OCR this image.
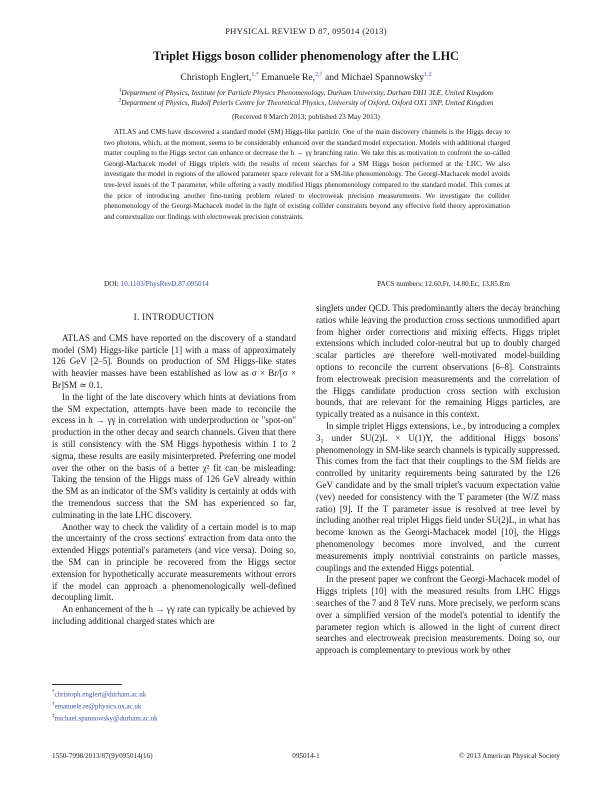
PHYSICAL REVIEW D 87, 095014 (2013)
Triplet Higgs boson collider phenomenology after the LHC
Christoph Englert,$^{1,*}$ Emanuele Re,$^{2,\dagger}$ and Michael Spannowsky$^{1,\ddagger}$
$^1$Department of Physics, Institute for Particle Physics Phenomenology, Durham University, Durham DH1 3LE, United Kingdom
$^2$Department of Physics, Rudolf Peierls Centre for Theoretical Physics, University of Oxford, Oxford OX1 3NP, United Kingdom
(Received 8 March 2013; published 23 May 2013)
ATLAS and CMS have discovered a standard model (SM) Higgs-like particle. One of the main discovery channels is the Higgs decay to two photons, which, at the moment, seems to be considerably enhanced over the standard model expectation. Models with additional charged matter coupling to the Higgs sector can enhance or decrease the h → γγ branching ratio. We take this as motivation to confront the so-called Georgi-Machacek model of Higgs triplets with the results of recent searches for a SM Higgs boson performed at the LHC. We also investigate the model in regions of the allowed parameter space relevant for a SM-like phenomenology. The Georgi-Machacek model avoids tree-level issues of the T parameter, while offering a vastly modified Higgs phenomenology compared to the standard model. This comes at the price of introducing another fine-tuning problem related to electroweak precision measurements. We investigate the collider phenomenology of the Georgi-Machacek model in the light of existing collider constraints beyond any effective field theory approximation and contextualize our findings with electroweak precision constraints.
DOI: 10.1103/PhysRevD.87.095014	PACS numbers: 12.60.Fr, 14.80.Ec, 13.85.Rm
I. INTRODUCTION

ATLAS and CMS have reported on the discovery of a standard model (SM) Higgs-like particle [1] with a mass of approximately 126 GeV [2–5]. Bounds on production of SM Higgs-like states with heavier masses have been established as low as σ × Br/[σ × Br]SM ≃ 0.1.

In the light of the late discovery which hints at deviations from the SM expectation, attempts have been made to reconcile the excess in h → γγ in correlation with underproduction or "spot-on" production in the other decay and search channels. Given that there is still consistency with the SM Higgs hypothesis within 1 to 2 sigma, these results are easily misinterpreted. Preferring one model over the other on the basis of a better χ² fit can be misleading: Taking the tension of the Higgs mass of 126 GeV already within the SM as an indicator of the SM's validity is certainly at odds with the tremendous success that the SM has experienced so far, culminating in the late LHC discovery.

Another way to check the validity of a certain model is to map the uncertainty of the cross sections' extraction from data onto the extended Higgs potential's parameters (and vice versa). Doing so, the SM can in principle be recovered from the Higgs sector extension for hypothetically accurate measurements without errors if the model can approach a phenomenologically well-defined decoupling limit.

An enhancement of the h → γγ rate can typically be achieved by including additional charged states which are

singlets under QCD. This predominantly alters the decay branching ratios while leaving the production cross sections unmodified apart from higher order corrections and mixing effects. Higgs triplet extensions which included color-neutral but up to doubly charged scalar particles are therefore well-motivated model-building options to reconcile the current observations [6–8]. Constraints from electroweak precision measurements and the correlation of the Higgs candidate production cross section with exclusion bounds, that are relevant for the remaining Higgs particles, are typically treated as a nuisance in this context.

In simple triplet Higgs extensions, i.e., by introducing a complex 3₁ under SU(2)L × U(1)Y, the additional Higgs bosons' phenomenology in SM-like search channels is typically suppressed. This comes from the fact that their couplings to the SM fields are controlled by unitarity requirements being saturated by the 126 GeV candidate and by the small triplet's vacuum expectation value (vev) needed for consistency with the T parameter (the W/Z mass ratio) [9]. If the T parameter issue is resolved at tree level by including another real triplet Higgs field under SU(2)L, in what has become known as the Georgi-Machacek model [10], the Higgs phenomenology becomes more involved, and the current measurements imply nontrivial constraints on particle masses, couplings and the extended Higgs potential.

In the present paper we confront the Georgi-Machacek model of Higgs triplets [10] with the measured results from LHC Higgs searches of the 7 and 8 TeV runs. More precisely, we perform scans over a simplified version of the model's potential to identify the parameter region which is allowed in the light of current direct searches and electroweak precision measurements. Doing so, our approach is complementary to previous work by other

*christoph.englert@durham.ac.uk
†emanuele.re@physics.ox.ac.uk
‡michael.spannowsky@durham.ac.uk
1550-7998/2013/87(9)/095014(16)	095014-1	© 2013 American Physical Society
